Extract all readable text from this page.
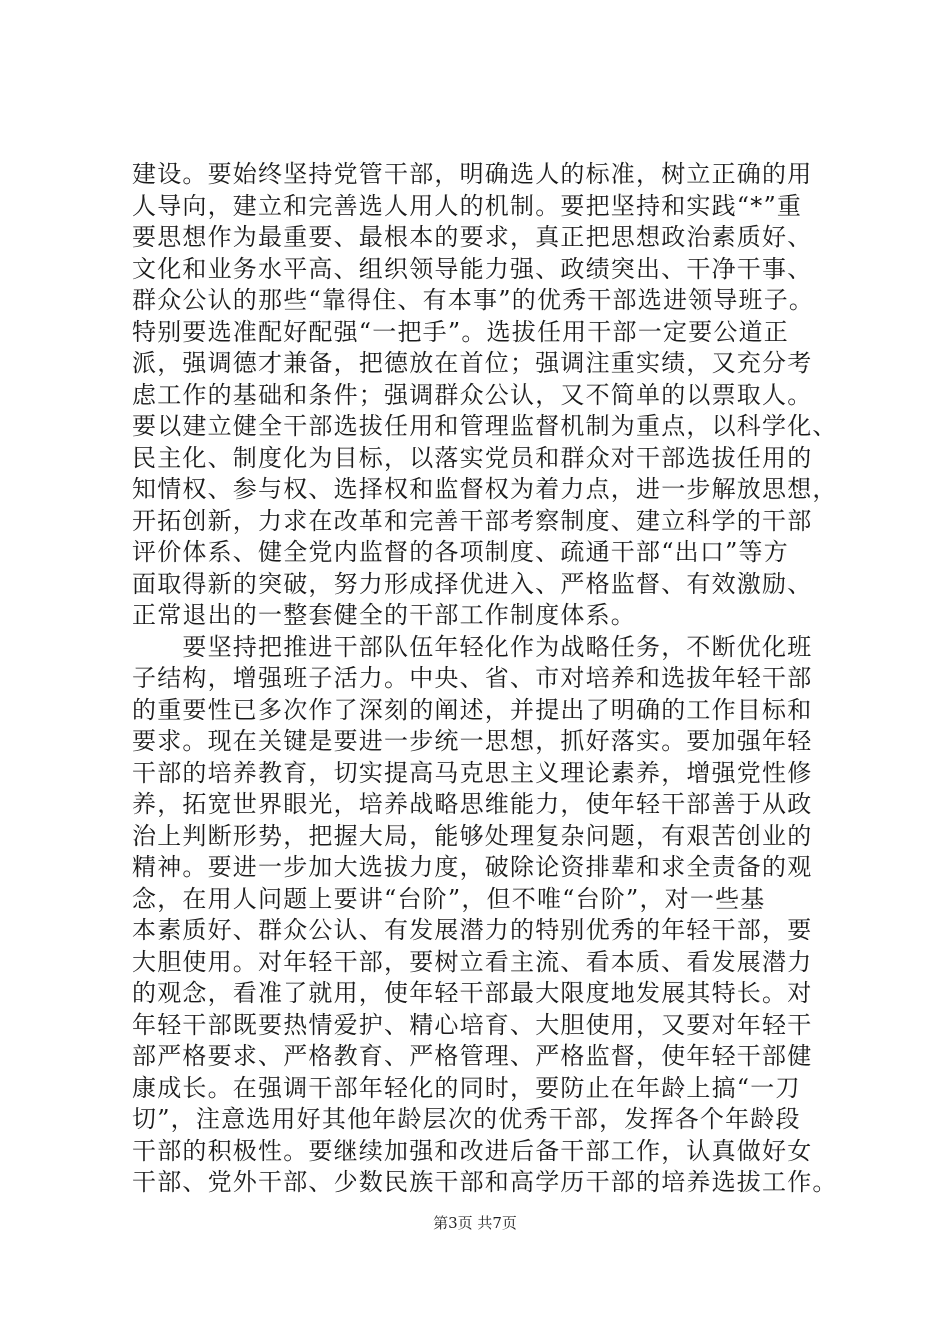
建设。要始终坚持党管干部，明确选人的标准，树立正确的用
人导向，建立和完善选人用人的机制。要把坚持和实践“*”重
要思想作为最重要、最根本的要求，真正把思想政治素质好、
文化和业务水平高、组织领导能力强、政绩突出、干净干事、
群众公认的那些“靠得住、有本事”的优秀干部选进领导班子。
特别要选准配好配强“一把手”。选拔任用干部一定要公道正
派，强调德才兼备，把德放在首位；强调注重实绩，又充分考
虑工作的基础和条件；强调群众公认，又不简单的以票取人。
要以建立健全干部选拔任用和管理监督机制为重点，以科学化、
民主化、制度化为目标，以落实党员和群众对干部选拔任用的
知情权、参与权、选择权和监督权为着力点，进一步解放思想，
开拓创新，力求在改革和完善干部考察制度、建立科学的干部
评价体系、健全党内监督的各项制度、疏通干部“出口”等方
面取得新的突破，努力形成择优进入、严格监督、有效激励、
正常退出的一整套健全的干部工作制度体系。
　　要坚持把推进干部队伍年轻化作为战略任务，不断优化班
子结构，增强班子活力。中央、省、市对培养和选拔年轻干部
的重要性已多次作了深刻的阐述，并提出了明确的工作目标和
要求。现在关键是要进一步统一思想，抓好落实。要加强年轻
干部的培养教育，切实提高马克思主义理论素养，增强党性修
养，拓宽世界眼光，培养战略思维能力，使年轻干部善于从政
治上判断形势，把握大局，能够处理复杂问题，有艰苦创业的
精神。要进一步加大选拔力度，破除论资排辈和求全责备的观
念，在用人问题上要讲“台阶”，但不唯“台阶”，对一些基
本素质好、群众公认、有发展潜力的特别优秀的年轻干部，要
大胆使用。对年轻干部，要树立看主流、看本质、看发展潜力
的观念，看准了就用，使年轻干部最大限度地发展其特长。对
年轻干部既要热情爱护、精心培育、大胆使用，又要对年轻干
部严格要求、严格教育、严格管理、严格监督，使年轻干部健
康成长。在强调干部年轻化的同时，要防止在年龄上搞“一刀
切”，注意选用好其他年龄层次的优秀干部，发挥各个年龄段
干部的积极性。要继续加强和改进后备干部工作，认真做好女
干部、党外干部、少数民族干部和高学历干部的培养选拔工作。
第3页 共7页
